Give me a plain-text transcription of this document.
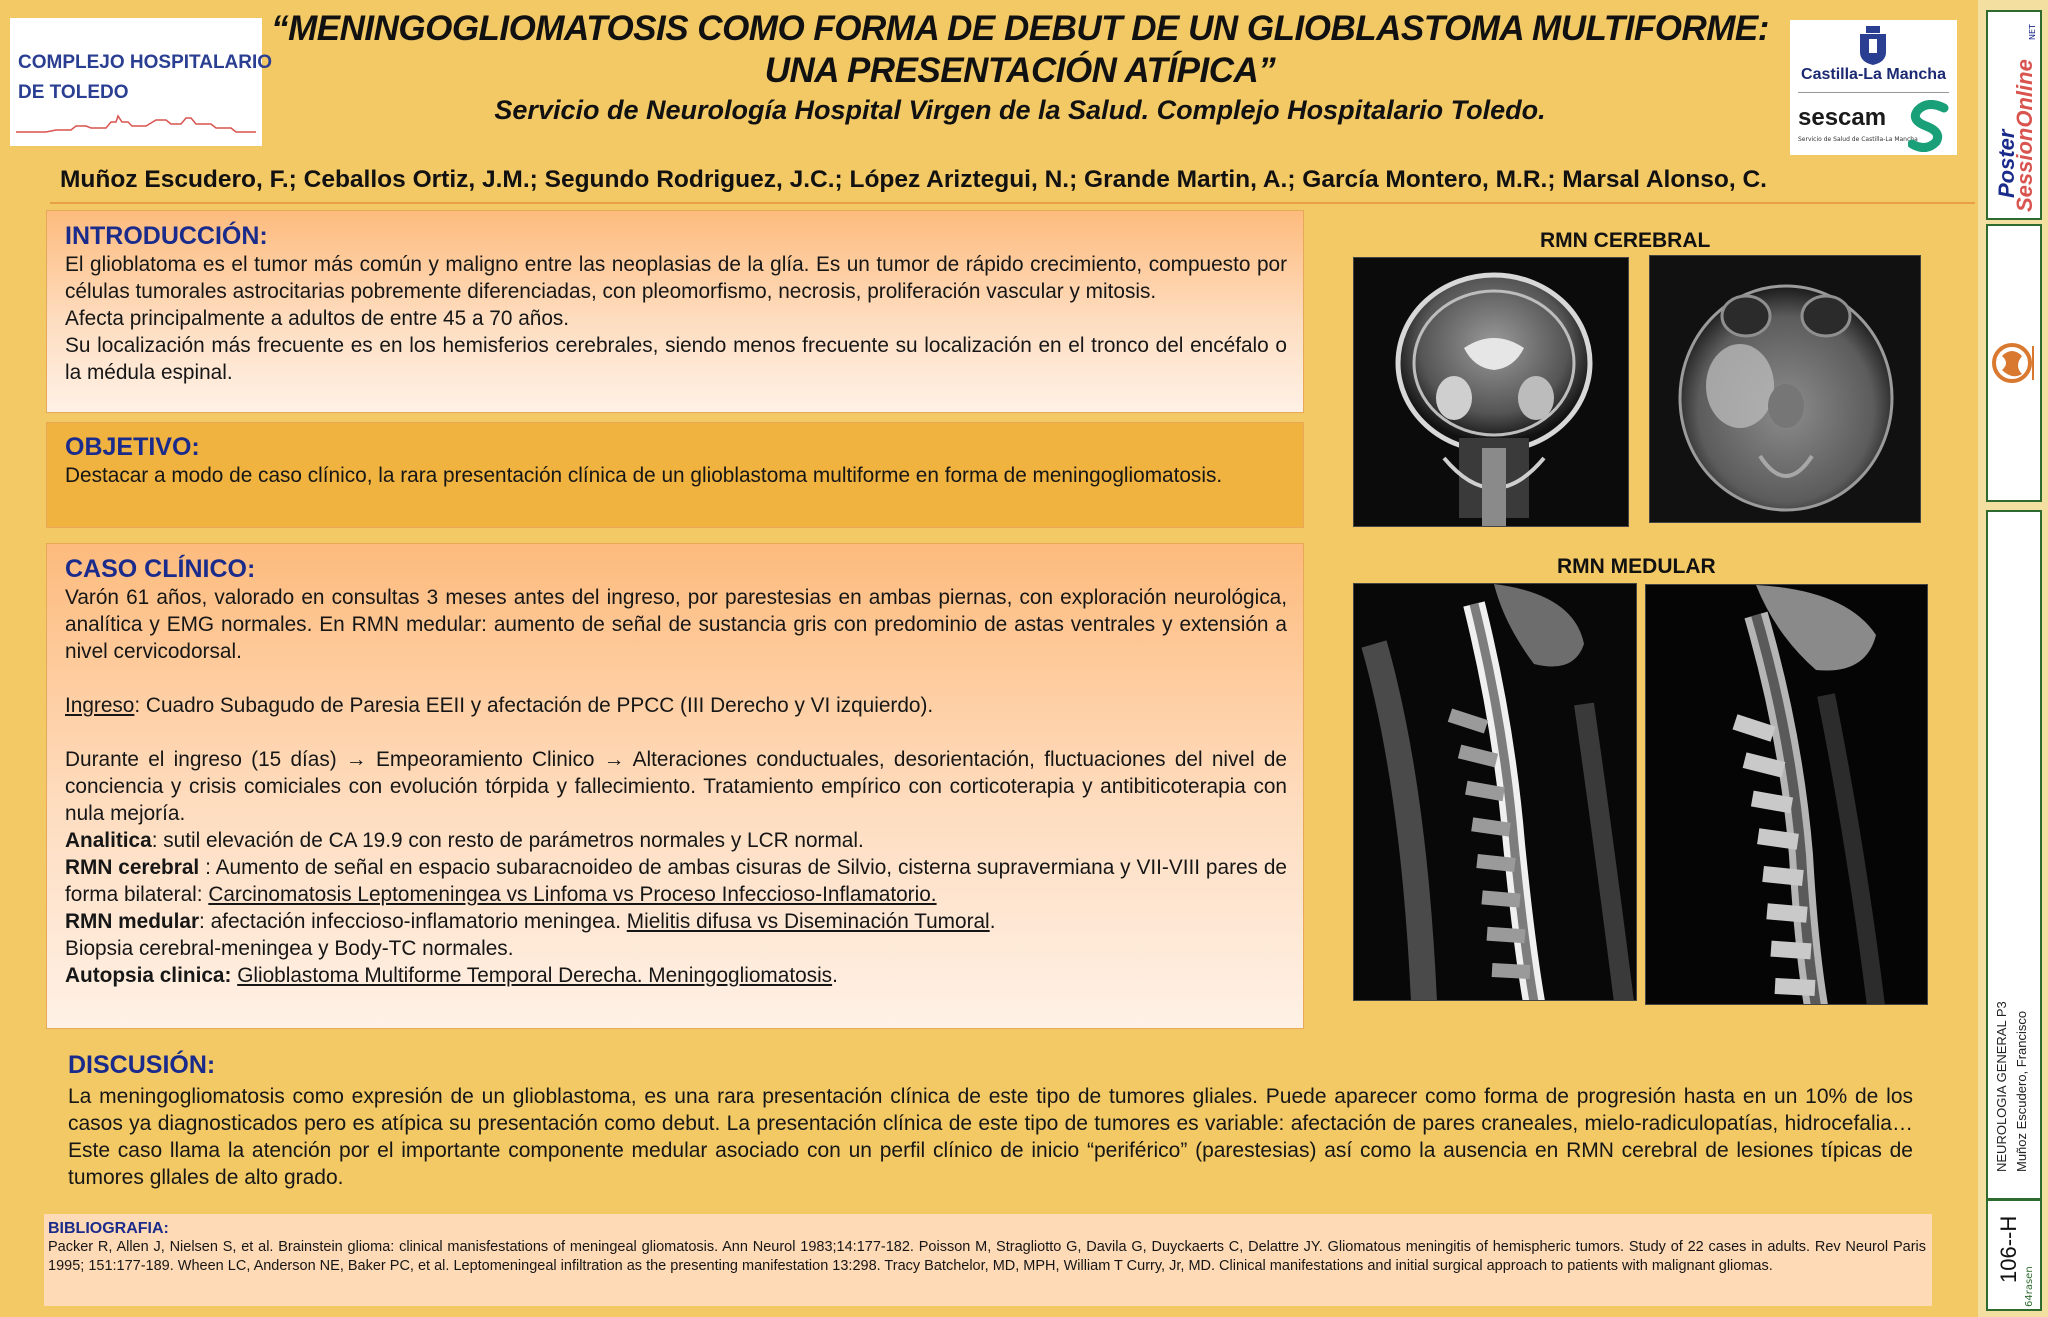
COMPLEJO HOSPITALARIO
DE TOLEDO
“MENINGOGLIOMATOSIS COMO FORMA DE DEBUT DE UN GLIOBLASTOMA MULTIFORME:
UNA PRESENTACIÓN ATÍPICA”
Servicio de Neurología Hospital Virgen de la Salud. Complejo Hospitalario Toledo.
Castilla-La Mancha
sescam
Servicio de Salud de Castilla-La Mancha
Muñoz Escudero, F.; Ceballos Ortiz, J.M.; Segundo Rodriguez, J.C.; López Ariztegui, N.; Grande Martin, A.; García Montero, M.R.; Marsal Alonso, C.
INTRODUCCIÓN:

El glioblatoma es el tumor más común y maligno entre las neoplasias de la glía. Es un tumor de rápido crecimiento, compuesto por células tumorales astrocitarias pobremente diferenciadas, con pleomorfismo, necrosis, proliferación vascular y mitosis.

Afecta principalmente a adultos de entre 45 a 70 años.

Su localización más frecuente es en los hemisferios cerebrales, siendo menos frecuente su localización en el tronco del encéfalo o la médula espinal.

OBJETIVO:

Destacar a modo de caso clínico, la rara presentación clínica de un glioblastoma multiforme en forma de meningogliomatosis.

CASO CLÍNICO:

Varón 61 años, valorado en consultas 3 meses antes del ingreso, por parestesias en ambas piernas, con exploración neurológica, analítica y EMG normales. En RMN medular: aumento de señal de sustancia gris con predominio de astas ventrales y extensión a nivel cervicodorsal.

Ingreso: Cuadro Subagudo de Paresia EEII y afectación de PPCC (III Derecho y VI izquierdo).

Durante el ingreso (15 días) → Empeoramiento Clinico → Alteraciones conductuales, desorientación, fluctuaciones del nivel de conciencia y crisis comiciales con evolución tórpida y fallecimiento. Tratamiento empírico con corticoterapia y antibiticoterapia con nula mejoría.

Analitica: sutil elevación de CA 19.9 con resto de parámetros normales y LCR normal.

RMN cerebral : Aumento de señal en espacio subaracnoideo de ambas cisuras de Silvio, cisterna supravermiana y VII-VIII pares de forma bilateral: Carcinomatosis Leptomeningea vs Linfoma vs Proceso Infeccioso-Inflamatorio.

RMN medular: afectación infeccioso-inflamatorio meningea. Mielitis difusa vs Diseminación Tumoral.

Biopsia cerebral-meningea y Body-TC normales.

Autopsia clinica: Glioblastoma Multiforme Temporal Derecha. Meningogliomatosis.

RMN CEREBRAL
RMN MEDULAR
DISCUSIÓN:
La meningogliomatosis como expresión de un glioblastoma, es una rara presentación clínica de este tipo de tumores gliales. Puede aparecer como forma de progresión hasta en un 10% de los casos ya diagnosticados pero es atípica su presentación como debut. La presentación clínica de este tipo de tumores es variable: afectación de pares craneales, mielo-radiculopatías, hidrocefalia… Este caso llama la atención por el importante componente medular asociado con un perfil clínico de inicio “periférico” (parestesias) así como la ausencia en RMN cerebral de lesiones típicas de tumores gllales de alto grado.
BIBLIOGRAFIA:
Packer R, Allen J, Nielsen S, et al. Brainstein glioma: clinical manisfestations of meningeal gliomatosis. Ann Neurol 1983;14:177-182. Poisson M, Stragliotto G, Davila G, Duyckaerts C, Delattre JY. Gliomatous meningitis of hemispheric tumors. Study of 22 cases in adults. Rev Neurol Paris 1995; 151:177-189. Wheen LC, Anderson NE, Baker PC, et al. Leptomeningeal infiltration as the presenting manifestation 13:298. Tracy Batchelor, MD, MPH, William T Curry, Jr, MD. Clinical manifestations and initial surgical approach to patients with malignant gliomas.
Poster
SessionOnline
NET
NEUROLOGIA GENERAL P3 Muñoz Escudero, Francisco
106--H
64rasen
